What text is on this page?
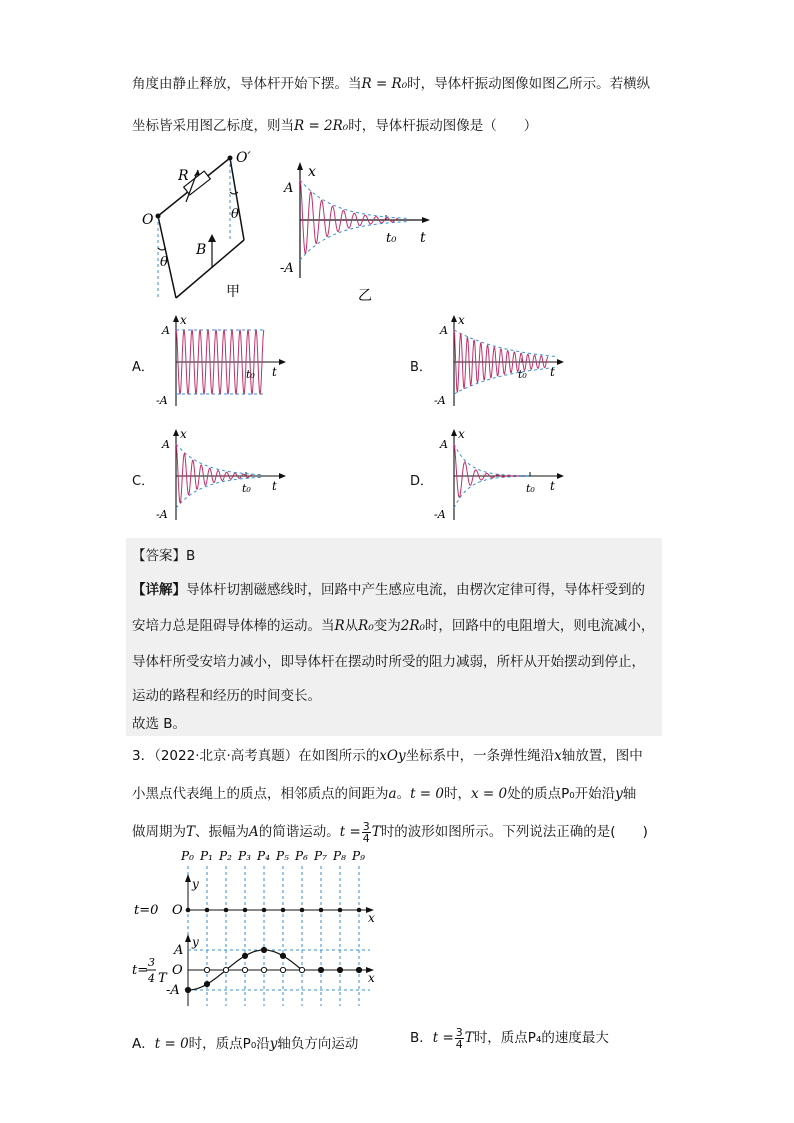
角度由静止释放，导体杆开始下摆。当R = R₀时，导体杆振动图像如图乙所示。若横纵
坐标皆采用图乙标度，则当R = 2R₀时，导体杆振动图像是（　　）
O
O′
R
θ
θ
B
甲
x
A
-A
t₀ t
乙
A．	B．
C．	D．
x
A
-A
t₀ t
x
A
-A
t₀ t
x
A
-A
t₀ t
x
A
-A
t₀ t
【答案】B
【详解】导体杆切割磁感线时，回路中产生感应电流，由楞次定律可得，导体杆受到的
安培力总是阻碍导体棒的运动。当R从R₀变为2R₀时，回路中的电阻增大，则电流减小，
导体杆所受安培力减小，即导体杆在摆动时所受的阻力减弱，所杆从开始摆动到停止，
运动的路程和经历的时间变长。
故选 B。
3．（2022·北京·高考真题）在如图所示的xOy坐标系中，一条弹性绳沿x轴放置，图中
小黑点代表绳上的质点，相邻质点的间距为a。t = 0时，x = 0处的质点P₀开始沿y轴
做周期为T、振幅为A的简谐运动。$t = \frac{3}{4}$ T时的波形如图所示。下列说法正确的是(　　)
P₀ P₁ P₂ P₃ P₄ P₅ P₆ P₇ P₈ P₉
y
x
t=0 O
y
x
A
O
-A
t=
3
4 T
A．t = 0时，质点P₀沿y轴负方向运动	B．$t = \frac{3}{4}$ T时，质点P₄的速度最大
